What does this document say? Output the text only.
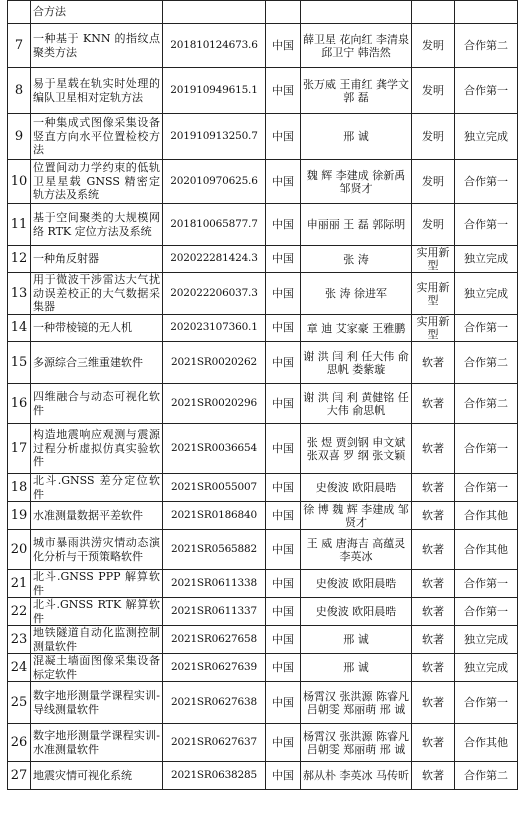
	合方法					
7	一种基于 KNN 的指纹点聚类方法	201810124673.6	中国	薛卫星 花向红 李清泉 邱卫宁 韩浩然	发明	合作第二
8	易于星载在轨实时处理的编队卫星相对定轨方法	201910949615.1	中国	张万威 王甫红 龚学文 郭 磊	发明	合作第一
9	一种集成式图像采集设备竖直方向水平位置检校方法	201910913250.7	中国	邢 诚	发明	独立完成
10	位置间动力学约束的低轨卫星星载 GNSS 精密定轨方法及系统	202010970625.6	中国	魏 辉 李建成 徐新禹 邹贤才	发明	合作第一
11	基于空间聚类的大规模网络 RTK 定位方法及系统	201810065877.7	中国	申丽丽 王 磊 郭际明	发明	合作第一
12	一种角反射器	202022281424.3	中国	张 涛	实用新型	独立完成
13	用于微波干涉雷达大气扰动误差校正的大气数据采集器	202022206037.3	中国	张 涛 徐进军	实用新型	独立完成
14	一种带棱镜的无人机	202023107360.1	中国	章 迪 艾家豪 王雅鹏	实用新型	合作第一
15	多源综合三维重建软件	2021SR0020262	中国	谢 洪 闫 利 任大伟 俞思帆 娄紫璇	软著	合作第二
16	四维融合与动态可视化软件	2021SR0020296	中国	谢 洪 闫 利 黄健铭 任大伟 俞思帆	软著	合作第二
17	构造地震响应观测与震源过程分析虚拟仿真实验软件	2021SR0036654	中国	张 煜 贾剑钢 申文斌 张双喜 罗 纲 张文颖	软著	合作第一
18	北斗.GNSS 差分定位软件	2021SR0055007	中国	史俊波 欧阳晨晧	软著	合作第一
19	水准测量数据平差软件	2021SR0186840	中国	徐 博 魏 辉 李建成 邹贤才	软著	合作其他
20	城市暴雨洪涝灾情动态演化分析与干预策略软件	2021SR0565882	中国	王 威 唐海吉 高蕴灵 李英冰	软著	合作其他
21	北斗.GNSS PPP 解算软件	2021SR0611338	中国	史俊波 欧阳晨晧	软著	合作第一
22	北斗.GNSS RTK 解算软件	2021SR0611337	中国	史俊波 欧阳晨晧	软著	合作第一
23	地铁隧道自动化监测控制测量软件	2021SR0627658	中国	邢 诚	软著	独立完成
24	混凝土墙面图像采集设备标定软件	2021SR0627639	中国	邢 诚	软著	独立完成
25	数字地形测量学课程实训-导线测量软件	2021SR0627638	中国	杨霄汉 张洪源 陈睿凡 吕朝雯 郑丽萌 邢 诚	软著	合作第一
26	数字地形测量学课程实训-水准测量软件	2021SR0627637	中国	杨霄汉 张洪源 陈睿凡 吕朝雯 郑丽萌 邢 诚	软著	合作其他
27	地震灾情可视化系统	2021SR0638285	中国	郝从朴 李英冰 马传昕	软著	合作第二
